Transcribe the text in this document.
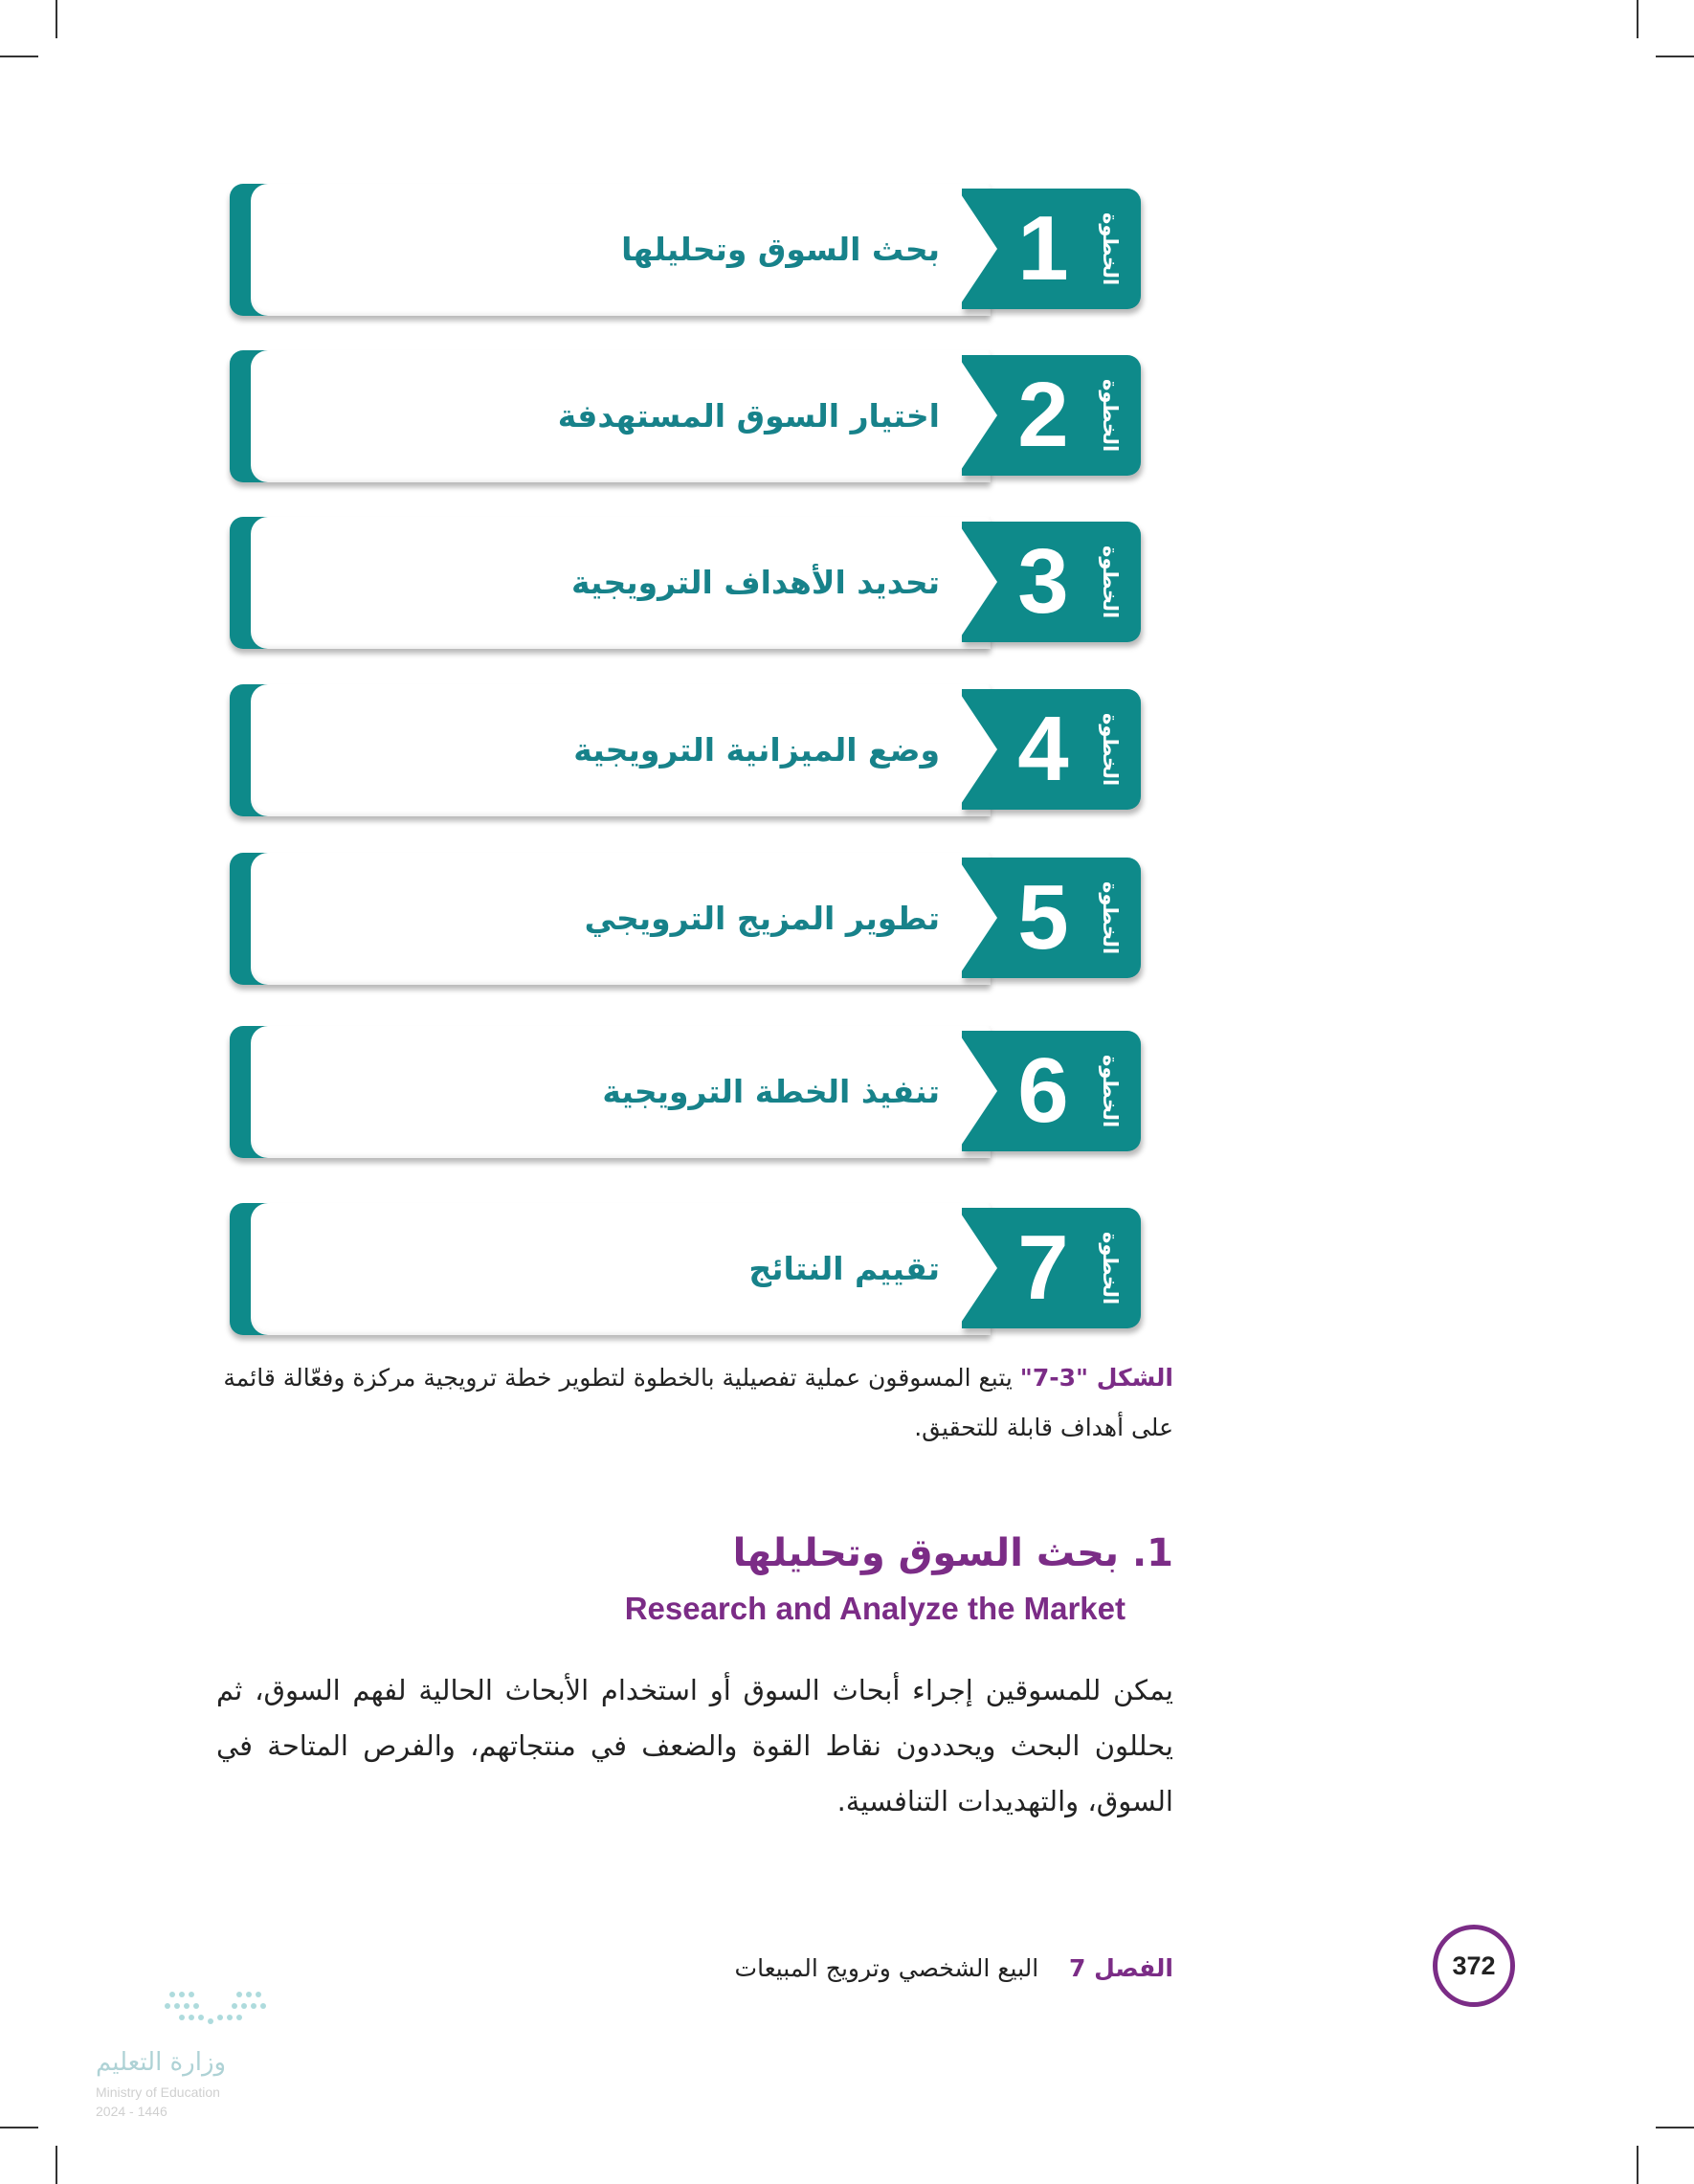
بحث السوق وتحليلها 1	الخطوة
اختيار السوق المستهدفة 2	الخطوة
تحديد الأهداف الترويجية 3	الخطوة
وضع الميزانية الترويجية 4	الخطوة
تطوير المزيج الترويجي 5	الخطوة
تنفيذ الخطة الترويجية 6	الخطوة
تقييم النتائج 7	الخطوة
الشكل "3-7" يتبع المسوقون عملية تفصيلية بالخطوة لتطوير خطة ترويجية مركزة وفعّالة قائمة على أهداف قابلة للتحقيق.
1. بحث السوق وتحليلها
Research and Analyze the Market
يمكن للمسوقين إجراء أبحاث السوق أو استخدام الأبحاث الحالية لفهم السوق، ثم يحللون البحث ويحددون نقاط القوة والضعف في منتجاتهم، والفرص المتاحة في السوق، والتهديدات التنافسية.
الفصل 7    البيع الشخصي وترويج المبيعات	372
وزارة التعليم
Ministry of Education
2024 - 1446
